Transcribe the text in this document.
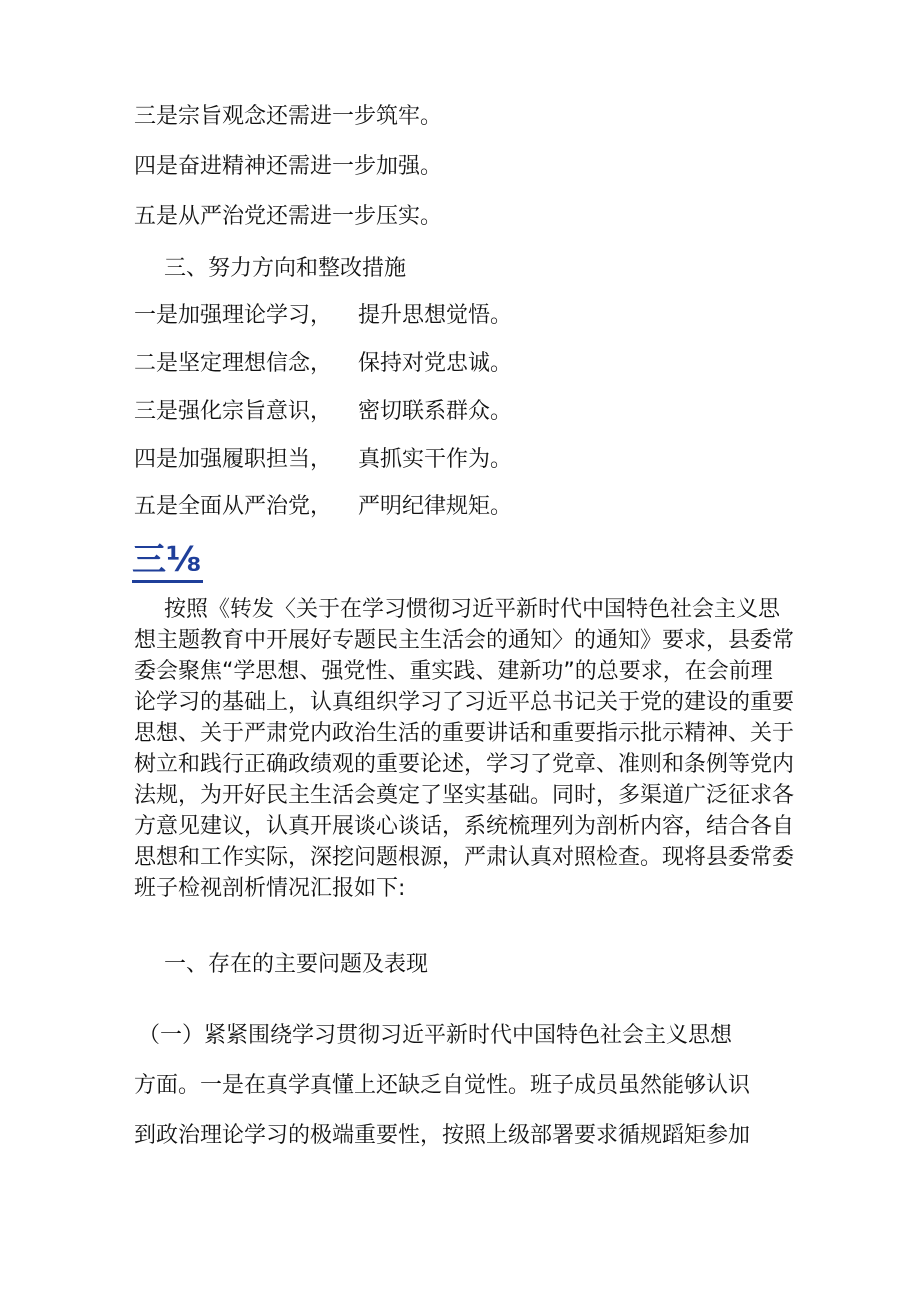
三是宗旨观念还需进一步筑牢。
四是奋进精神还需进一步加强。
五是从严治党还需进一步压实。
三、努力方向和整改措施
一是加强理论学习， 提升思想觉悟。
二是坚定理想信念， 保持对党忠诚。
三是强化宗旨意识， 密切联系群众。
四是加强履职担当， 真抓实干作为。
五是全面从严治党， 严明纪律规矩。
三⅛
按照《转发〈关于在学习惯彻习近平新时代中国特色社会主义思想主题教育中开展好专题民主生活会的通知〉的通知》要求，县委常委会聚焦“学思想、强党性、重实践、建新功”的总要求，在会前理论学习的基础上，认真组织学习了习近平总书记关于党的建设的重要思想、关于严肃党内政治生活的重要讲话和重要指示批示精神、关于树立和践行正确政绩观的重要论述，学习了党章、准则和条例等党内法规，为开好民主生活会奠定了坚实基础。同时，多渠道广泛征求各方意见建议，认真开展谈心谈话，系统梳理列为剖析内容，结合各自思想和工作实际，深挖问题根源，严肃认真对照检查。现将县委常委班子检视剖析情况汇报如下:
一、存在的主要问题及表现
（一）紧紧围绕学习贯彻习近平新时代中国特色社会主义思想
方面。一是在真学真懂上还缺乏自觉性。班子成员虽然能够认识
到政治理论学习的极端重要性，按照上级部署要求循规蹈矩参加
